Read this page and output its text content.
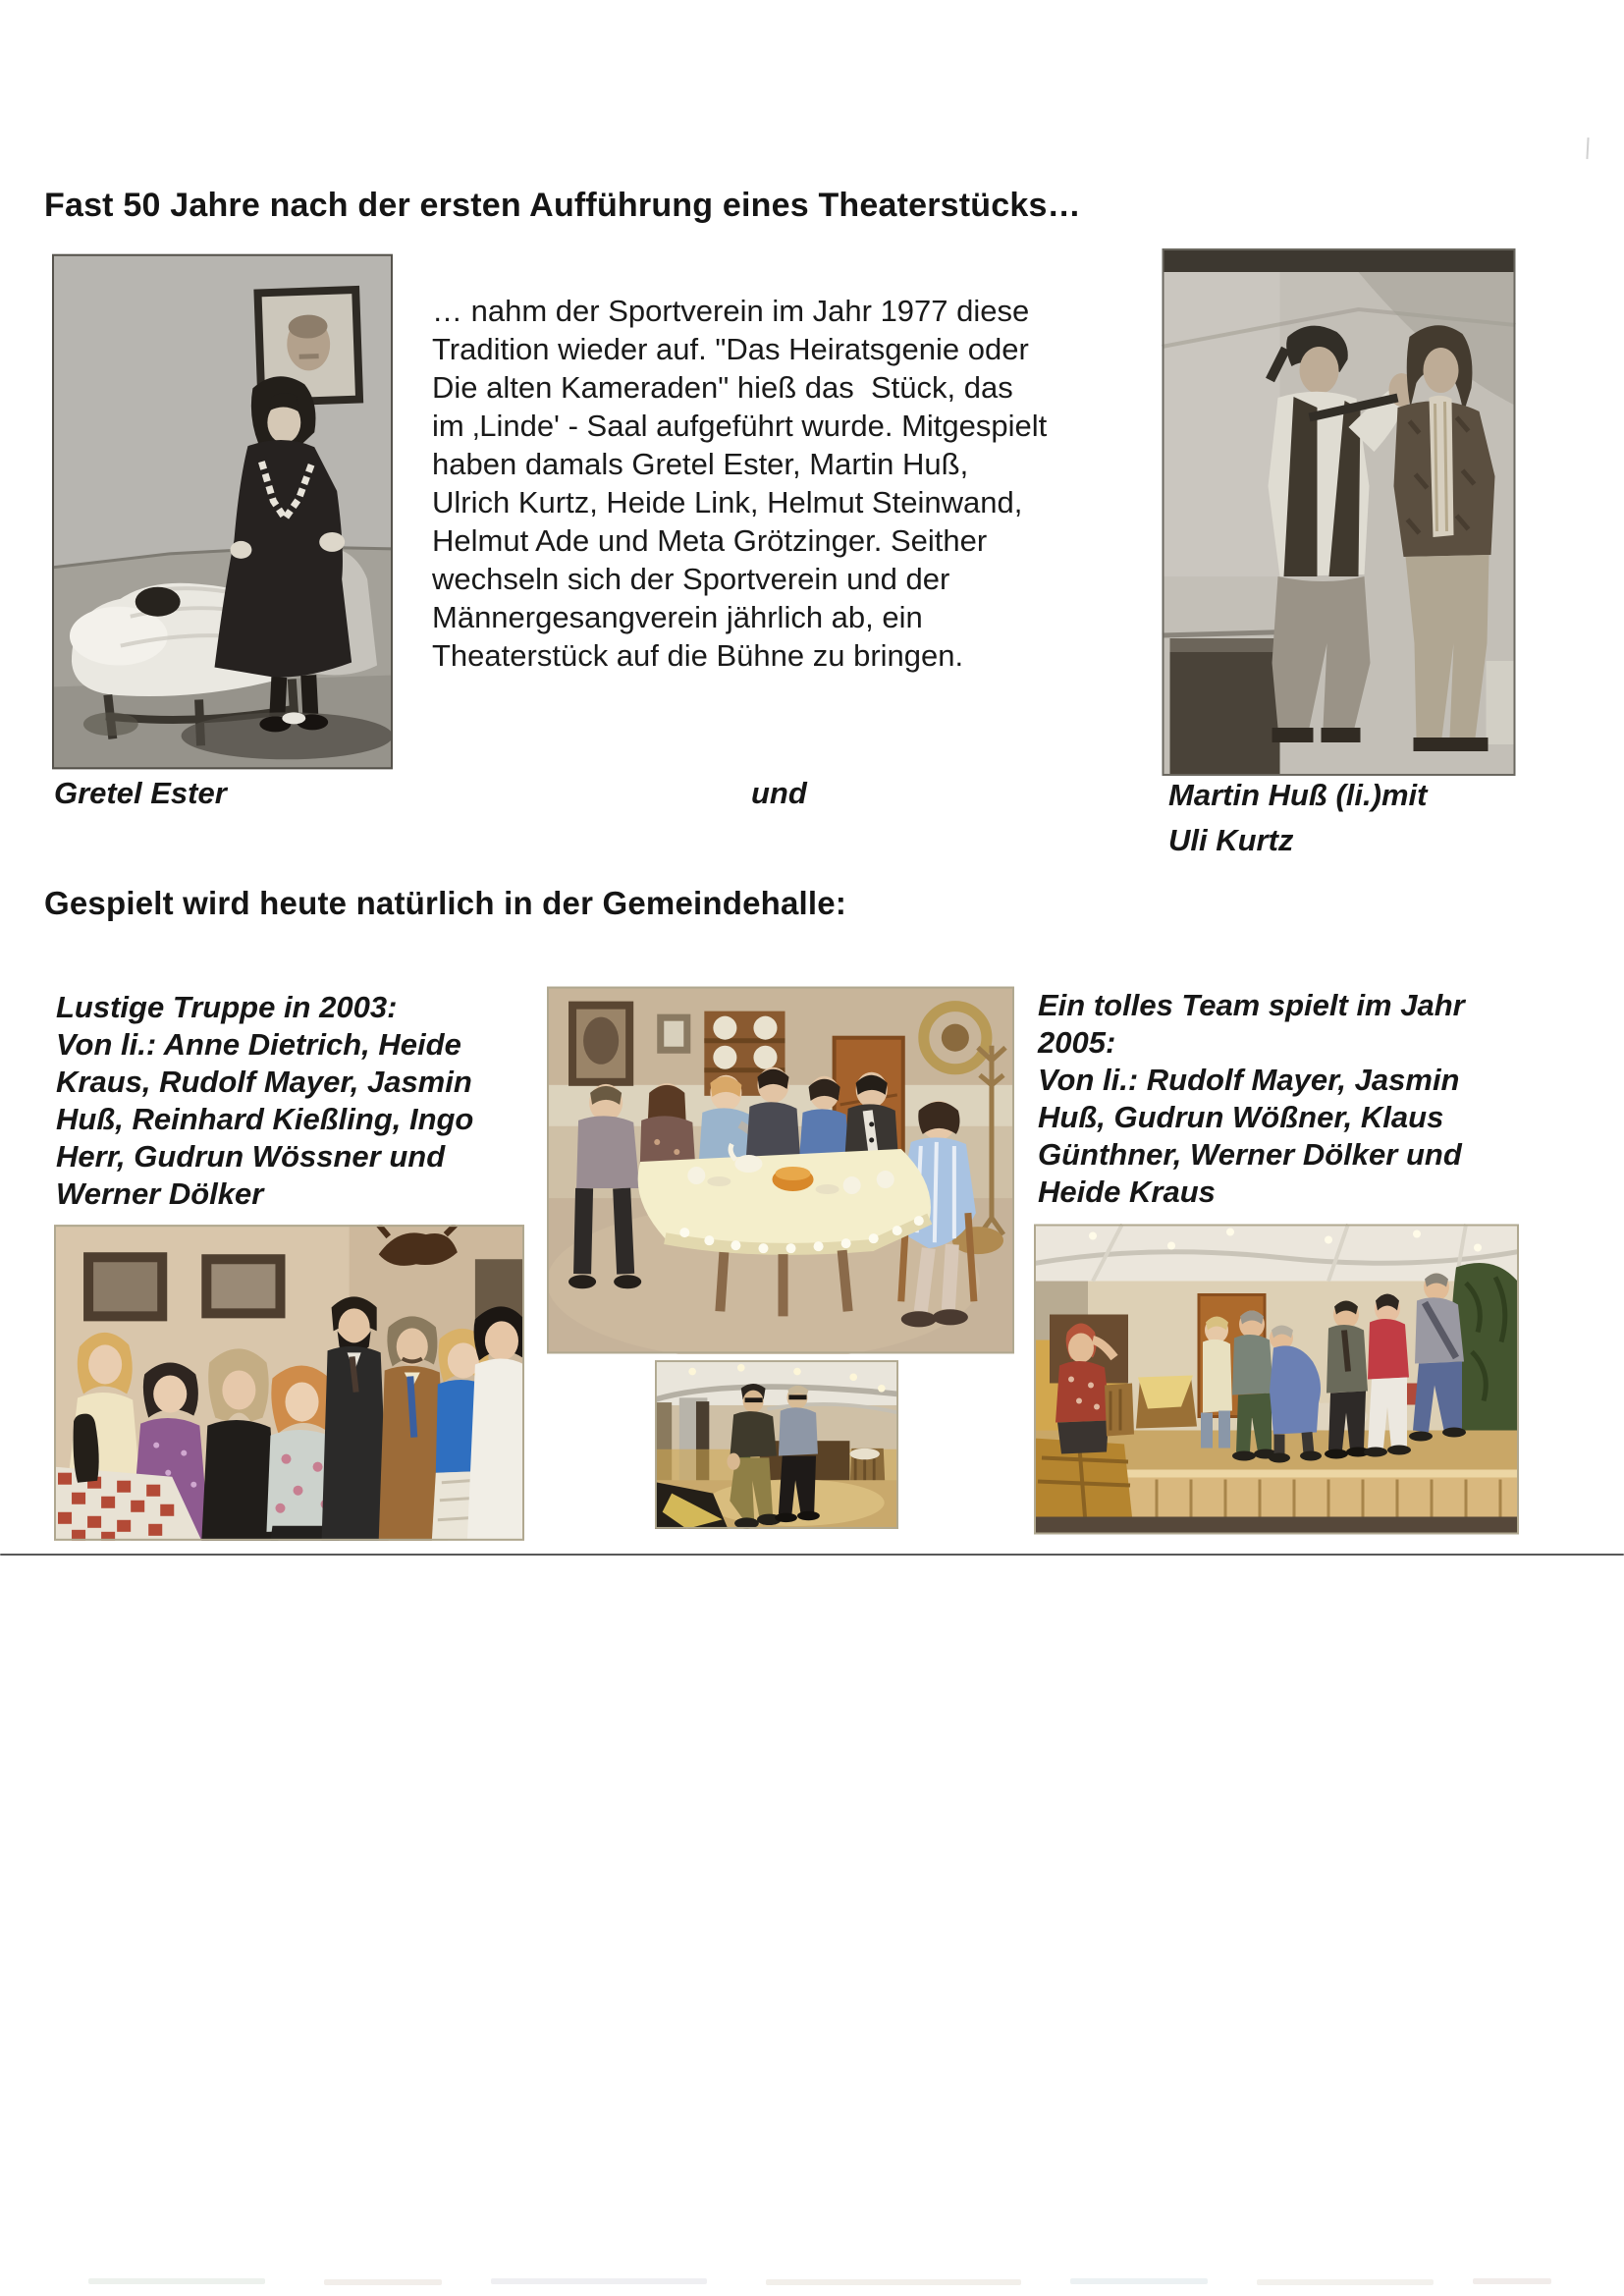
Fast 50 Jahre nach der ersten Aufführung eines Theaterstücks…
… nahm der Sportverein im Jahr 1977 diese
Tradition wieder auf. "Das Heiratsgenie oder
Die alten Kameraden" hieß das  Stück, das
im ‚Linde' - Saal aufgeführt wurde. Mitgespielt
haben damals Gretel Ester, Martin Huß,
Ulrich Kurtz, Heide Link, Helmut Steinwand,
Helmut Ade und Meta Grötzinger. Seither
wechseln sich der Sportverein und der
Männergesangverein jährlich ab, ein
Theaterstück auf die Bühne zu bringen.
Gretel Ester	und	Martin Huß (li.)mit
Uli Kurtz
Gespielt wird heute natürlich in der Gemeindehalle:
Lustige Truppe in 2003:
Von li.: Anne Dietrich, Heide
Kraus, Rudolf Mayer, Jasmin
Huß, Reinhard Kießling, Ingo
Herr, Gudrun Wössner und
Werner Dölker
Ein tolles Team spielt im Jahr
2005:
Von li.: Rudolf Mayer, Jasmin
Huß, Gudrun Wößner, Klaus
Günthner, Werner Dölker und
Heide Kraus
